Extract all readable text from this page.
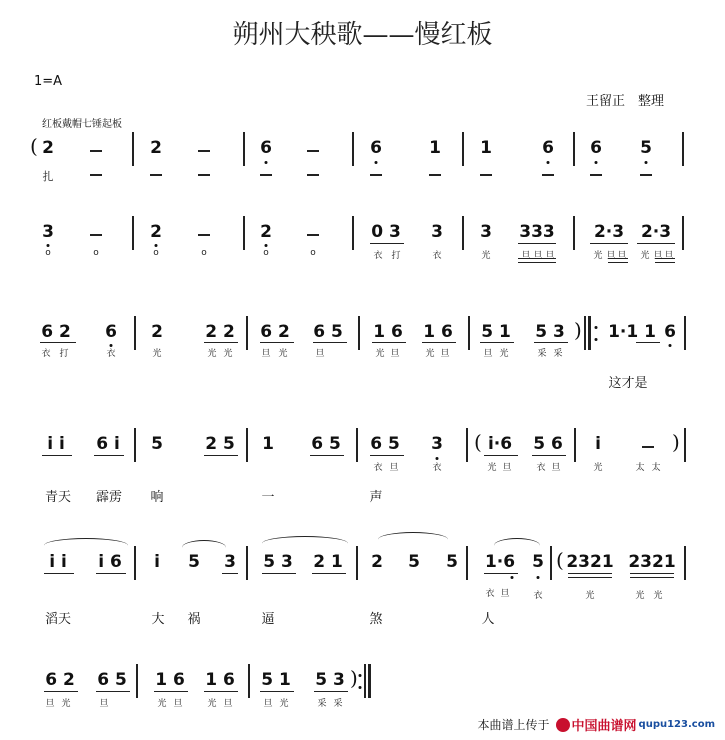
朔州大秧歌——慢红板
1=A
王留正　整理
红板戴帽七锤起板
( 2	2	6	6	1 1	6 6 5
扎
3	2	2	0 3 3 3 333 2·3 2·3
o	o	o	o	o	o	衣 打	衣	光	旦 旦 旦	光 旦 旦 光 旦 旦
6 2 6 2 2 2 6 2 6 5 1 6 1 6 5 1 5 3 ) 1·1 1 6
衣 打	衣	光	光 光	旦 光	旦	光 旦	光 旦	旦 光	采 采
这才是
i i 6 i 5 2 5 1 6 5 6 5 3 ( i·6 5 6 i	)
衣 旦	衣	光 旦	衣 旦	光	太 太
青天 霹雳 响	一	声
i i i 6 i 5 3 5 3 2 1 2 5 5 1·6 5 ( 2321 2321
衣 旦	衣	光	光 光
滔天	大 祸	逼	煞	人
6 2 6 5 1 6 1 6 5 1 5 3 )
旦 光	旦	光 旦	光 旦	旦 光	采 采
本曲谱上传于 中国曲谱网 qupu123.com
